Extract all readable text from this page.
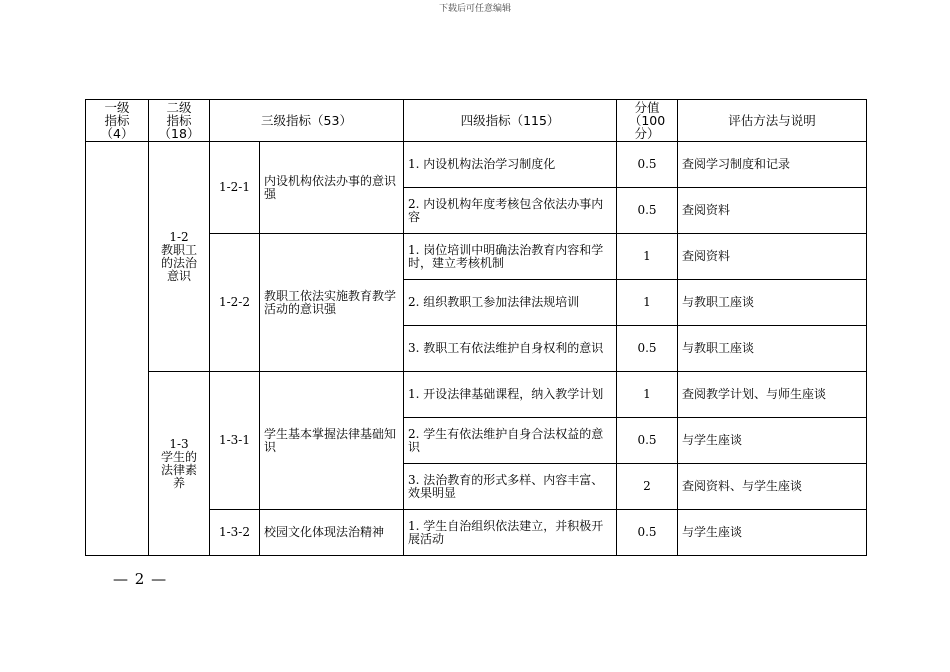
下载后可任意编辑
一级
指标
（4）	二级
指标
（18）	三级指标（53）		四级指标（115）	分值
（100
分）	评估方法与说明
	1-2
教职工
的法治
意识	1-2-1	内设机构依法办事的意识强	1. 内设机构法治学习制度化	0.5	查阅学习制度和记录
				2. 内设机构年度考核包含依法办事内容	0.5	查阅资料
		1-2-2	教职工依法实施教育教学活动的意识强	1. 岗位培训中明确法治教育内容和学时，建立考核机制	1	查阅资料
				2. 组织教职工参加法律法规培训	1	与教职工座谈
				3. 教职工有依法维护自身权利的意识	0.5	与教职工座谈
	1-3
学生的
法律素
养	1-3-1	学生基本掌握法律基础知识	1. 开设法律基础课程，纳入教学计划	1	查阅教学计划、与师生座谈
				2. 学生有依法维护自身合法权益的意识	0.5	与学生座谈
				3. 法治教育的形式多样、内容丰富、效果明显	2	查阅资料、与学生座谈
		1-3-2	校园文化体现法治精神	1. 学生自治组织依法建立，并积极开展活动	0.5	与学生座谈
— 2 —
